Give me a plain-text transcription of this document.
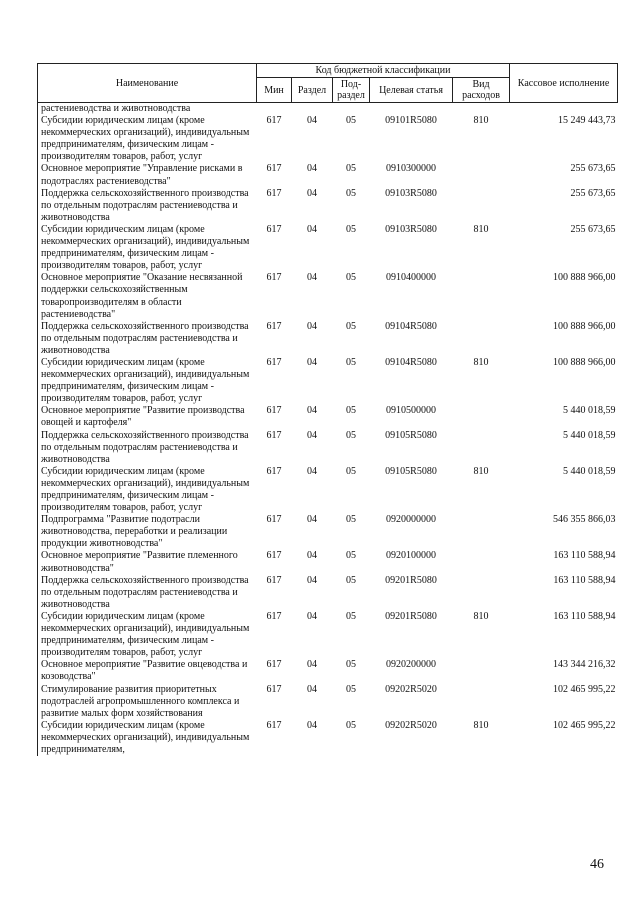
Наименование	Код бюджетной классификации					Кассовое исполнение
	Мин	Раздел	Под-раздел	Целевая статья	Вид расходов	
растениеводства и животноводства						
Субсидии юридическим лицам (кроме некоммерческих организаций), индивидуальным предпринимателям, физическим лицам - производителям товаров, работ, услуг	617	04	05	09101R5080	810	15 249 443,73
Основное мероприятие "Управление рисками в подотраслях растениеводства"	617	04	05	0910300000		255 673,65
Поддержка сельскохозяйственного производства по отдельным подотраслям растениеводства и животноводства	617	04	05	09103R5080		255 673,65
Субсидии юридическим лицам (кроме некоммерческих организаций), индивидуальным предпринимателям, физическим лицам - производителям товаров, работ, услуг	617	04	05	09103R5080	810	255 673,65
Основное мероприятие "Оказание несвязанной поддержки сельскохозяйственным товаропроизводителям в области растениеводства"	617	04	05	0910400000		100 888 966,00
Поддержка сельскохозяйственного производства по отдельным подотраслям растениеводства и животноводства	617	04	05	09104R5080		100 888 966,00
Субсидии юридическим лицам (кроме некоммерческих организаций), индивидуальным предпринимателям, физическим лицам - производителям товаров, работ, услуг	617	04	05	09104R5080	810	100 888 966,00
Основное мероприятие "Развитие производства овощей и картофеля"	617	04	05	0910500000		5 440 018,59
Поддержка сельскохозяйственного производства по отдельным подотраслям растениеводства и животноводства	617	04	05	09105R5080		5 440 018,59
Субсидии юридическим лицам (кроме некоммерческих организаций), индивидуальным предпринимателям, физическим лицам - производителям товаров, работ, услуг	617	04	05	09105R5080	810	5 440 018,59
Подпрограмма "Развитие подотрасли животноводства, переработки и реализации продукции животноводства"	617	04	05	0920000000		546 355 866,03
Основное мероприятие "Развитие племенного животноводства"	617	04	05	0920100000		163 110 588,94
Поддержка сельскохозяйственного производства по отдельным подотраслям растениеводства и животноводства	617	04	05	09201R5080		163 110 588,94
Субсидии юридическим лицам (кроме некоммерческих организаций), индивидуальным предпринимателям, физическим лицам - производителям товаров, работ, услуг	617	04	05	09201R5080	810	163 110 588,94
Основное мероприятие "Развитие овцеводства и козоводства"	617	04	05	0920200000		143 344 216,32
Стимулирование развития приоритетных подотраслей агропромышленного комплекса и развитие малых форм хозяйствования	617	04	05	09202R5020		102 465 995,22
Субсидии юридическим лицам (кроме некоммерческих организаций), индивидуальным предпринимателям,	617	04	05	09202R5020	810	102 465 995,22
46
